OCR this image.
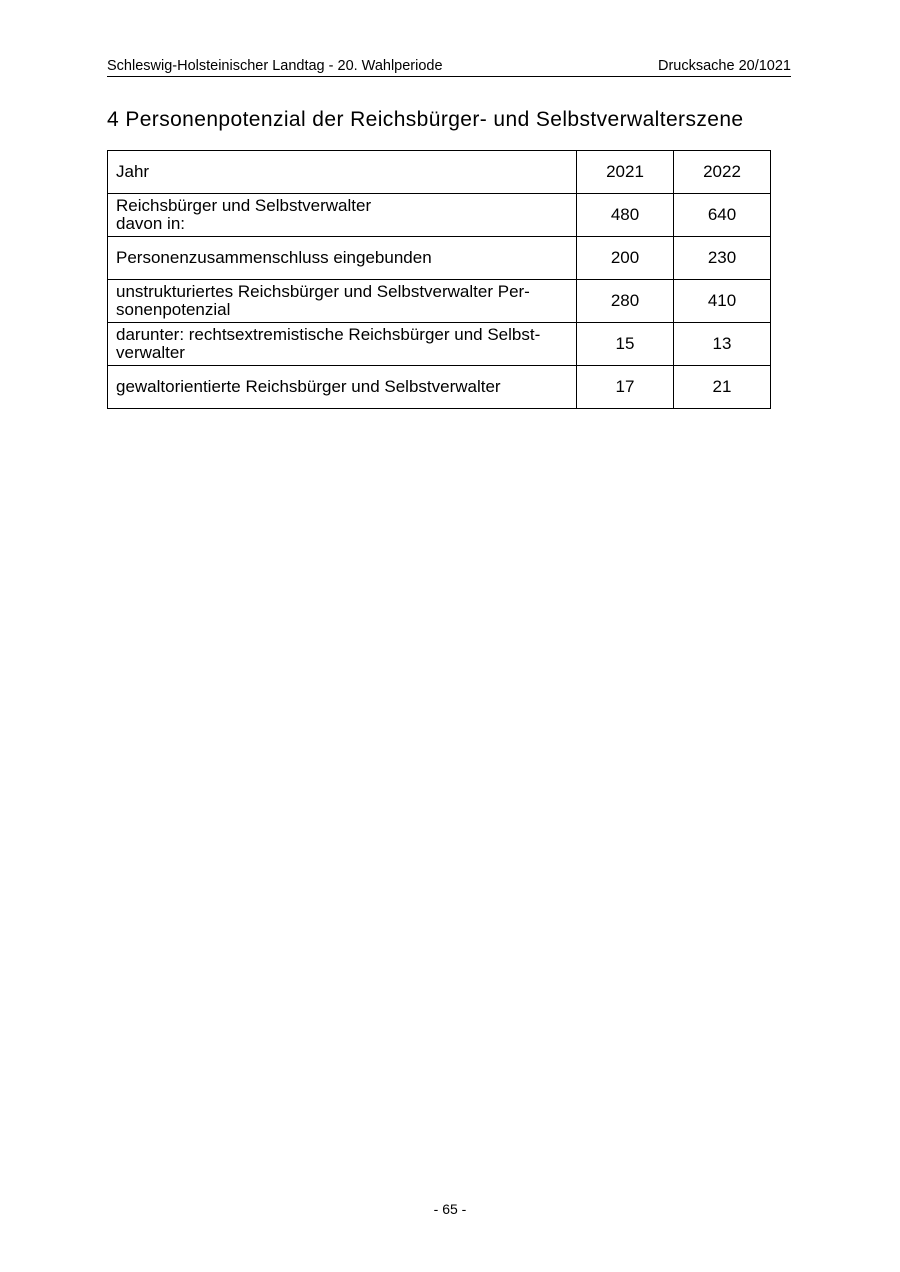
Schleswig-Holsteinischer Landtag - 20. Wahlperiode	Drucksache 20/1021
4 Personenpotenzial der Reichsbürger- und Selbstverwalterszene
Jahr	2021	2022

Reichsbürger und Selbstverwalter
davon in:	480	640

Personenzusammenschluss eingebunden	200	230

unstrukturiertes Reichsbürger und Selbstverwalter Per-
sonenpotenzial	280	410

darunter: rechtsextremistische Reichsbürger und Selbst-
verwalter	15	13

gewaltorientierte Reichsbürger und Selbstverwalter	17	21
- 65 -
